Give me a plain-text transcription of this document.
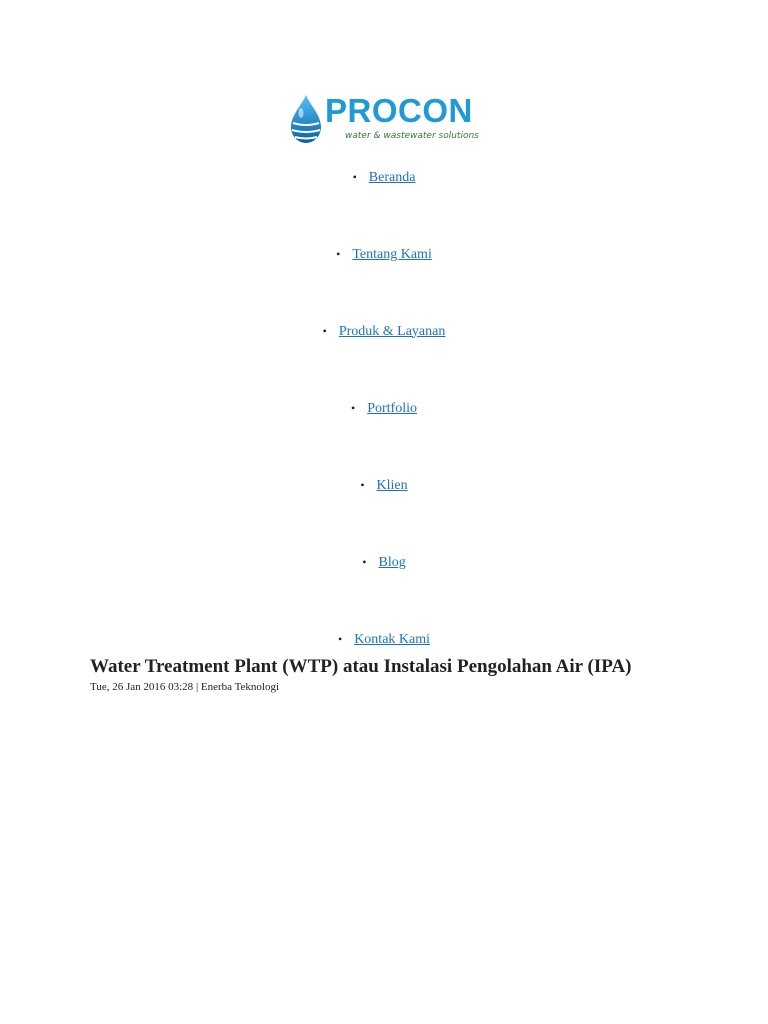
PROCON
water & wastewater solutions
• Beranda
• Tentang Kami
• Produk & Layanan
• Portfolio
• Klien
• Blog
• Kontak Kami
Water Treatment Plant (WTP) atau Instalasi Pengolahan Air (IPA)
Tue, 26 Jan 2016 03:28 | Enerba Teknologi
